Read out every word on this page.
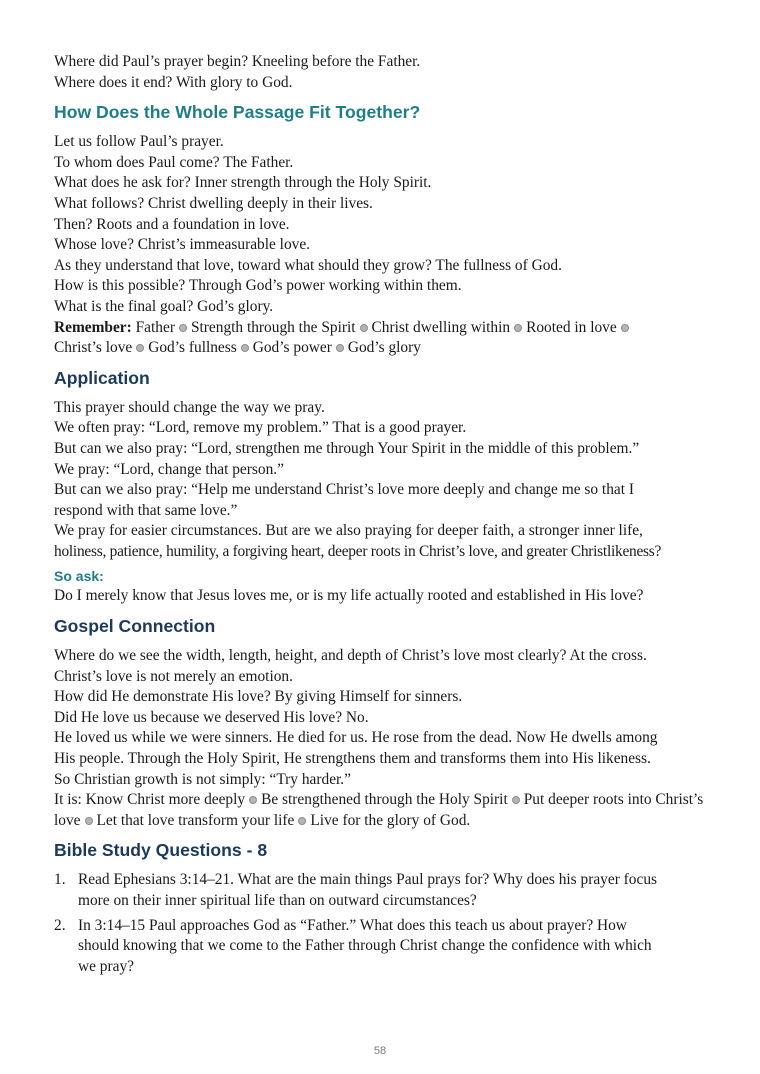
Where did Paul’s prayer begin? Kneeling before the Father.

Where does it end? With glory to God.

How Does the Whole Passage Fit Together?

Let us follow Paul’s prayer.

To whom does Paul come? The Father.

What does he ask for? Inner strength through the Holy Spirit.

What follows? Christ dwelling deeply in their lives.

Then? Roots and a foundation in love.

Whose love? Christ’s immeasurable love.

As they understand that love, toward what should they grow? The fullness of God.

How is this possible? Through God’s power working within them.

What is the final goal? God’s glory.

Remember: Father Strength through the Spirit Christ dwelling within Rooted in love
Christ’s love God’s fullness God’s power God’s glory

Application

This prayer should change the way we pray.

We often pray: “Lord, remove my problem.” That is a good prayer.

But can we also pray: “Lord, strengthen me through Your Spirit in the middle of this problem.”

We pray: “Lord, change that person.”

But can we also pray: “Help me understand Christ’s love more deeply and change me so that I

respond with that same love.”

We pray for easier circumstances. But are we also praying for deeper faith, a stronger inner life,

holiness, patience, humility, a forgiving heart, deeper roots in Christ’s love, and greater Christlikeness?

So ask:

Do I merely know that Jesus loves me, or is my life actually rooted and established in His love?

Gospel Connection

Where do we see the width, length, height, and depth of Christ’s love most clearly? At the cross.

Christ’s love is not merely an emotion.

How did He demonstrate His love? By giving Himself for sinners.

Did He love us because we deserved His love? No.

He loved us while we were sinners. He died for us. He rose from the dead. Now He dwells among

His people. Through the Holy Spirit, He strengthens them and transforms them into His likeness.

So Christian growth is not simply: “Try harder.”

It is: Know Christ more deeply Be strengthened through the Holy Spirit Put deeper roots into Christ’s love Let that love transform your life Live for the glory of God.

Bible Study Questions - 8
1. Read Ephesians 3:14–21. What are the main things Paul prays for? Why does his prayer focus
more on their inner spiritual life than on outward circumstances?
2. In 3:14–15 Paul approaches God as “Father.” What does this teach us about prayer? How
should knowing that we come to the Father through Christ change the confidence with which
we pray?
58
